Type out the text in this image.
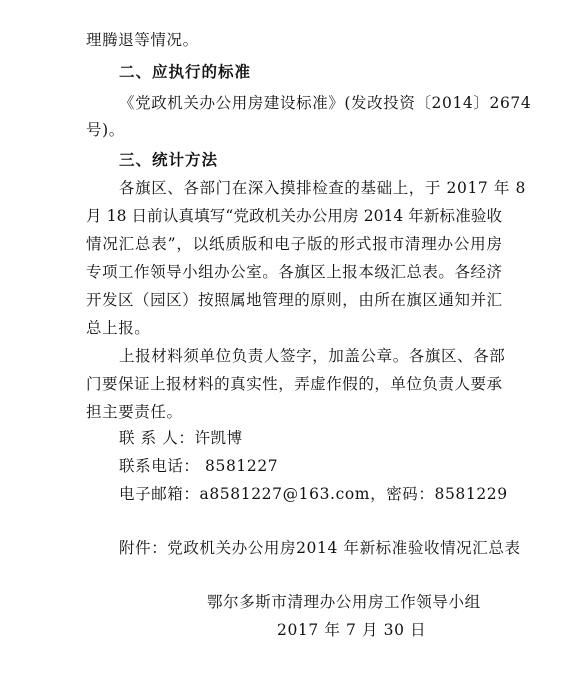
理腾退等情况。
二、应执行的标准
《党政机关办公用房建设标准》(发改投资〔2014〕2674
号)。
三、统计方法
各旗区、各部门在深入摸排检查的基础上，于 2017 年 8
月 18 日前认真填写“党政机关办公用房 2014 年新标准验收
情况汇总表”，以纸质版和电子版的形式报市清理办公用房
专项工作领导小组办公室。各旗区上报本级汇总表。各经济
开发区（园区）按照属地管理的原则，由所在旗区通知并汇
总上报。
上报材料须单位负责人签字，加盖公章。各旗区、各部
门要保证上报材料的真实性，弄虚作假的，单位负责人要承
担主要责任。
联 系 人：许凯博
联系电话： 8581227
电子邮箱：a8581227@163.com，密码：8581229
附件：党政机关办公用房2014 年新标准验收情况汇总表
鄂尔多斯市清理办公用房工作领导小组
2017 年 7 月 30 日
